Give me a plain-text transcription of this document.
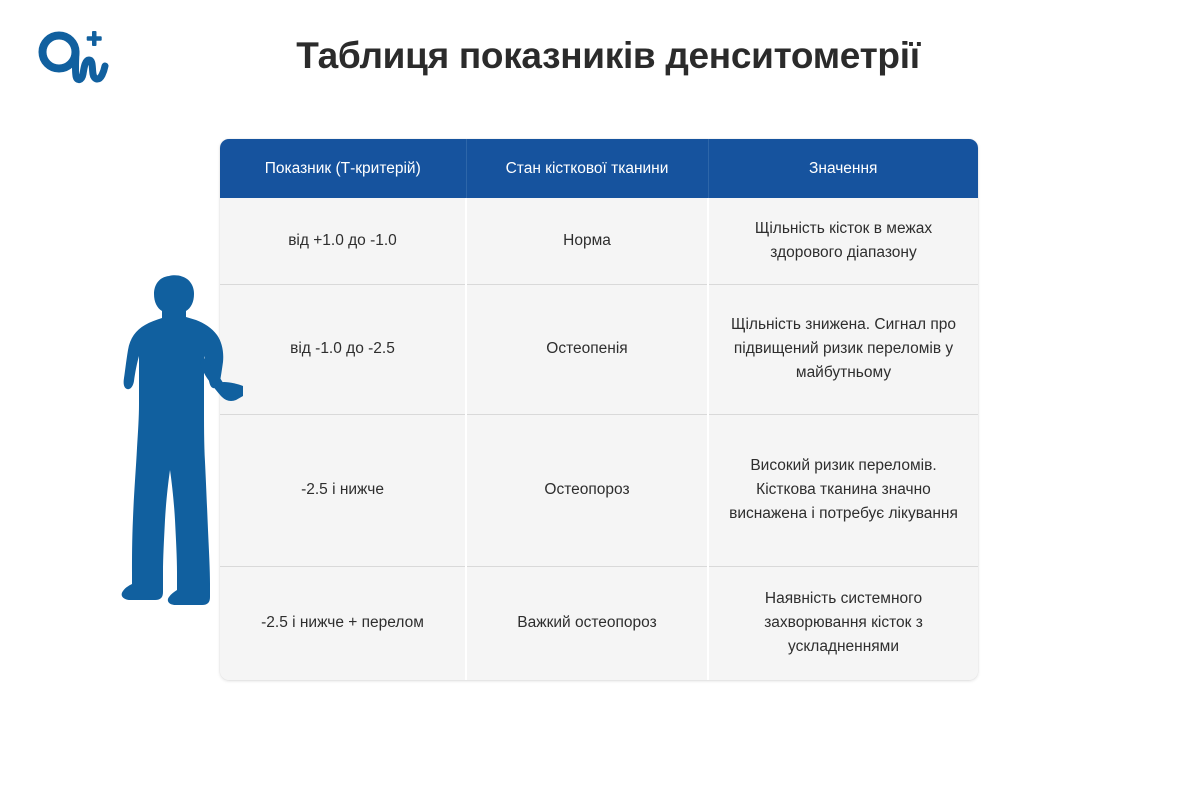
Таблиця показників денситометрії
Показник (Т-критерій)	Стан кісткової тканини	Значення
від +1.0 до -1.0	Норма	Щільність кісток в межах здорового діапазону
від -1.0 до -2.5	Остеопенія	Щільність знижена. Сигнал про підвищений ризик переломів у майбутньому
-2.5 і нижче	Остеопороз	Високий ризик переломів. Кісткова тканина значно виснажена і потребує лікування
-2.5 і нижче + перелом	Важкий остеопороз	Наявність системного захворювання кісток з ускладненнями
